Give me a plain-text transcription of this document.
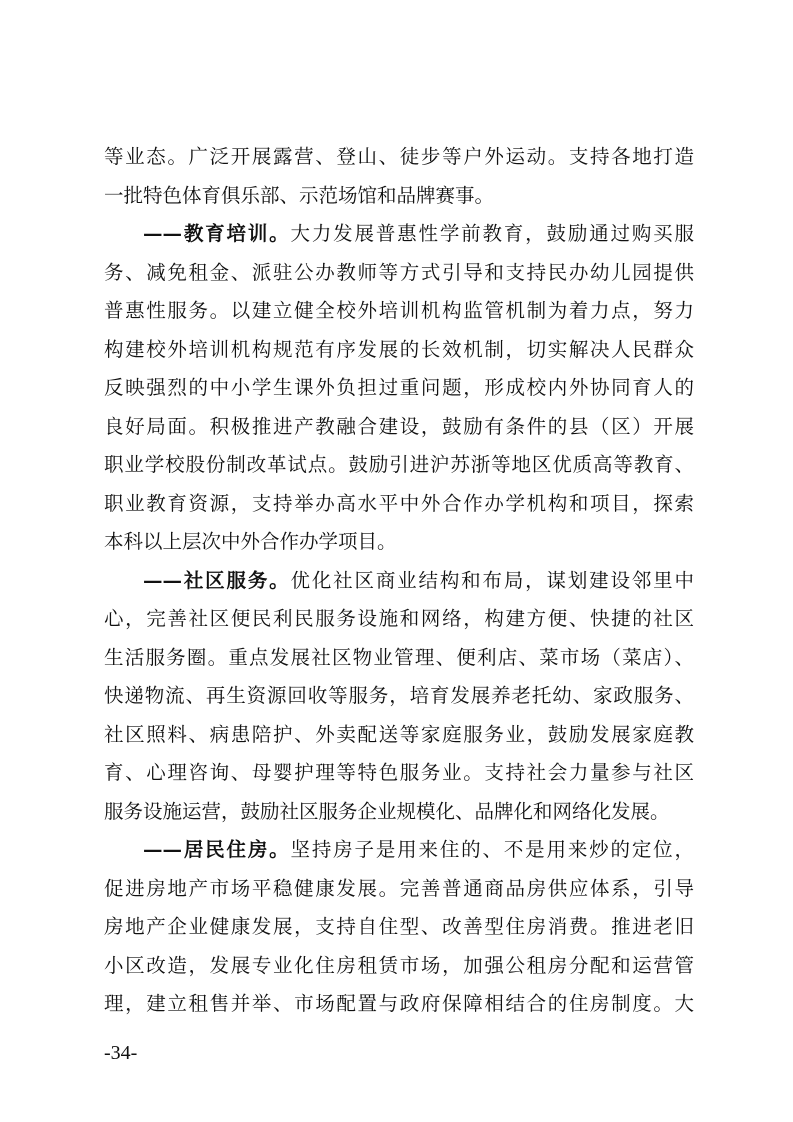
等业态。广泛开展露营、登山、徒步等户外运动。支持各地打造
一批特色体育俱乐部、示范场馆和品牌赛事。

——教育培训。大力发展普惠性学前教育，鼓励通过购买服
务、减免租金、派驻公办教师等方式引导和支持民办幼儿园提供
普惠性服务。以建立健全校外培训机构监管机制为着力点，努力
构建校外培训机构规范有序发展的长效机制，切实解决人民群众
反映强烈的中小学生课外负担过重问题，形成校内外协同育人的
良好局面。积极推进产教融合建设，鼓励有条件的县（区）开展
职业学校股份制改革试点。鼓励引进沪苏浙等地区优质高等教育、
职业教育资源，支持举办高水平中外合作办学机构和项目，探索
本科以上层次中外合作办学项目。

——社区服务。优化社区商业结构和布局，谋划建设邻里中
心，完善社区便民利民服务设施和网络，构建方便、快捷的社区
生活服务圈。重点发展社区物业管理、便利店、菜市场（菜店）、
快递物流、再生资源回收等服务，培育发展养老托幼、家政服务、
社区照料、病患陪护、外卖配送等家庭服务业，鼓励发展家庭教
育、心理咨询、母婴护理等特色服务业。支持社会力量参与社区
服务设施运营，鼓励社区服务企业规模化、品牌化和网络化发展。

——居民住房。坚持房子是用来住的、不是用来炒的定位，
促进房地产市场平稳健康发展。完善普通商品房供应体系，引导
房地产企业健康发展，支持自住型、改善型住房消费。推进老旧
小区改造，发展专业化住房租赁市场，加强公租房分配和运营管
理，建立租售并举、市场配置与政府保障相结合的住房制度。大

-34-
